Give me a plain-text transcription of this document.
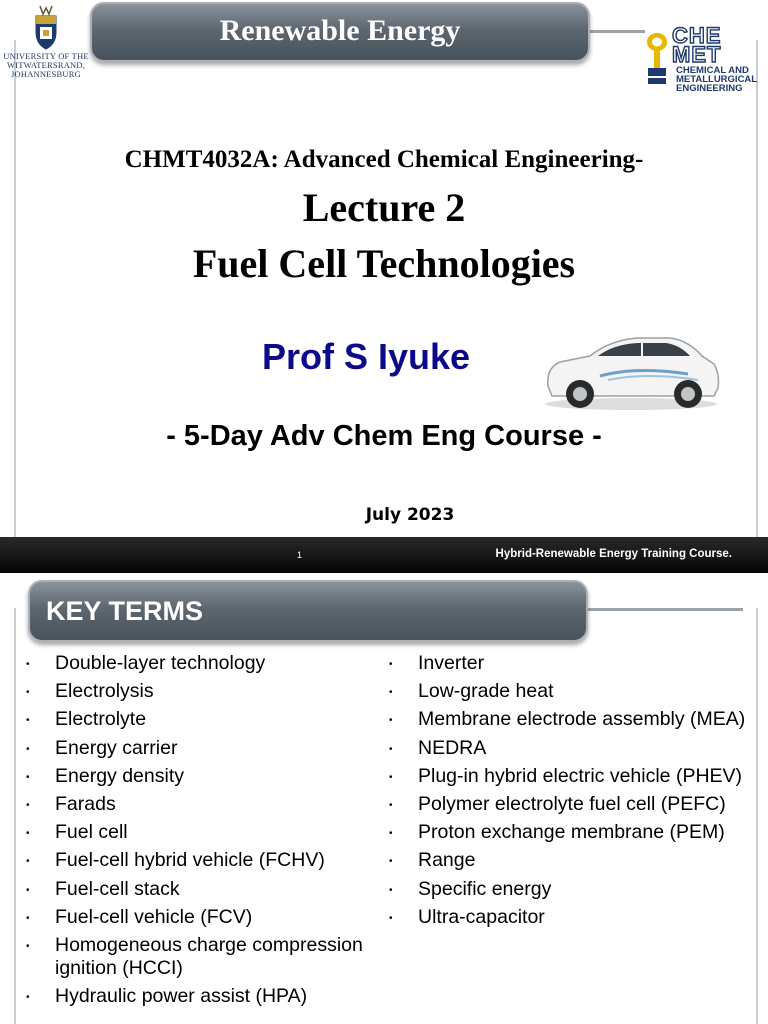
UNIVERSITY OF THE
WITWATERSRAND,
JOHANNESBURG
Renewable Energy	CHE
MET
CHEMICAL AND
METALLURGICAL
ENGINEERING
CHMT4032A: Advanced Chemical Engineering-
Lecture 2
Fuel Cell Technologies
Prof S Iyuke
- 5-Day Adv Chem Eng Course -
July 2023
1	Hybrid-Renewable Energy Training Course.
KEY TERMS
• Double-layer technology
• Electrolysis
• Electrolyte
• Energy carrier
• Energy density
• Farads
• Fuel cell
• Fuel-cell hybrid vehicle (FCHV)
• Fuel-cell stack
• Fuel-cell vehicle (FCV)
• Homogeneous charge compression ignition (HCCI)
• Hydraulic power assist (HPA)
• Inverter
• Low-grade heat
• Membrane electrode assembly (MEA)
• NEDRA
• Plug-in hybrid electric vehicle (PHEV)
• Polymer electrolyte fuel cell (PEFC)
• Proton exchange membrane (PEM)
• Range
• Specific energy
• Ultra-capacitor
